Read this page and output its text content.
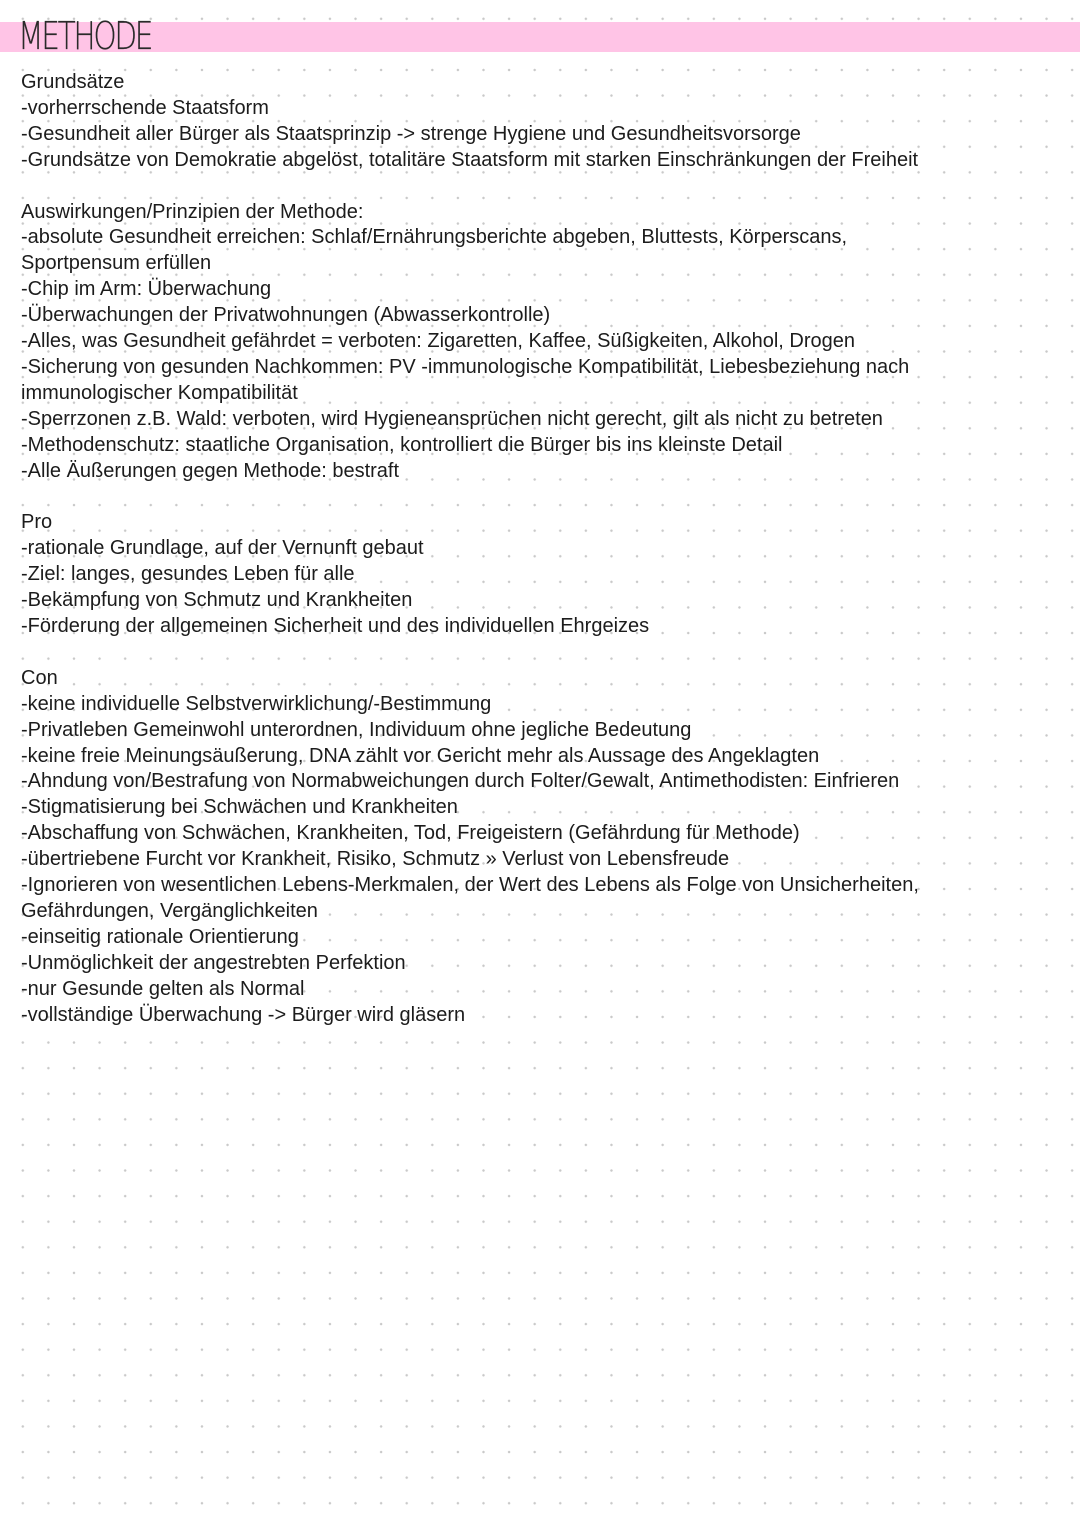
METHODE
Grundsätze
-vorherrschende Staatsform
-Gesundheit aller Bürger als Staatsprinzip -> strenge Hygiene und Gesundheitsvorsorge
-Grundsätze von Demokratie abgelöst, totalitäre Staatsform mit starken Einschränkungen der Freiheit
Auswirkungen/Prinzipien der Methode:
-absolute Gesundheit erreichen: Schlaf/Ernährungsberichte abgeben, Bluttests, Körperscans,
Sportpensum erfüllen
-Chip im Arm: Überwachung
-Überwachungen der Privatwohnungen (Abwasserkontrolle)
-Alles, was Gesundheit gefährdet = verboten: Zigaretten, Kaffee, Süßigkeiten, Alkohol, Drogen
-Sicherung von gesunden Nachkommen: PV -immunologische Kompatibilität, Liebesbeziehung nach
immunologischer Kompatibilität
-Sperrzonen z.B. Wald: verboten, wird Hygieneansprüchen nicht gerecht, gilt als nicht zu betreten
-Methodenschutz: staatliche Organisation, kontrolliert die Bürger bis ins kleinste Detail
-Alle Äußerungen gegen Methode: bestraft
Pro
-rationale Grundlage, auf der Vernunft gebaut
-Ziel: langes, gesundes Leben für alle
-Bekämpfung von Schmutz und Krankheiten
-Förderung der allgemeinen Sicherheit und des individuellen Ehrgeizes
Con
-keine individuelle Selbstverwirklichung/-Bestimmung
-Privatleben Gemeinwohl unterordnen, Individuum ohne jegliche Bedeutung
-keine freie Meinungsäußerung, DNA zählt vor Gericht mehr als Aussage des Angeklagten
-Ahndung von/Bestrafung von Normabweichungen durch Folter/Gewalt, Antimethodisten: Einfrieren
-Stigmatisierung bei Schwächen und Krankheiten
-Abschaffung von Schwächen, Krankheiten, Tod, Freigeistern (Gefährdung für Methode)
-übertriebene Furcht vor Krankheit, Risiko, Schmutz » Verlust von Lebensfreude
-Ignorieren von wesentlichen Lebens-Merkmalen, der Wert des Lebens als Folge von Unsicherheiten,
Gefährdungen, Vergänglichkeiten
-einseitig rationale Orientierung
-Unmöglichkeit der angestrebten Perfektion
-nur Gesunde gelten als Normal
-vollständige Überwachung -> Bürger wird gläsern
